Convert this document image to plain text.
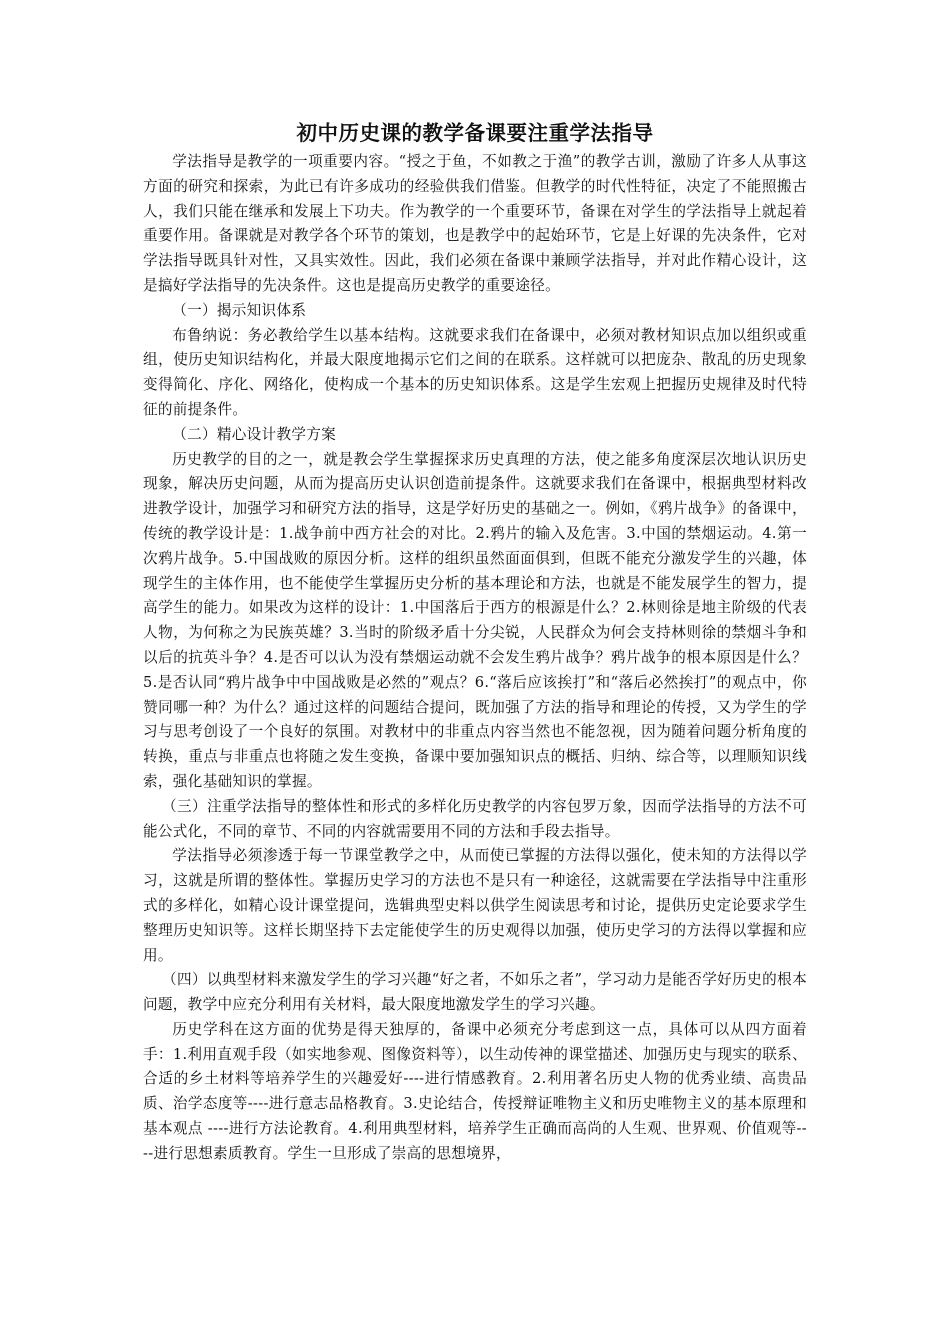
初中历史课的教学备课要注重学法指导

学法指导是教学的一项重要内容。“授之于鱼，不如教之于渔”的教学古训，激励了许多人从事这方面的研究和探索，为此已有许多成功的经验供我们借鉴。但教学的时代性特征，决定了不能照搬古人，我们只能在继承和发展上下功夫。作为教学的一个重要环节，备课在对学生的学法指导上就起着重要作用。备课就是对教学各个环节的策划，也是教学中的起始环节，它是上好课的先决条件，它对学法指导既具针对性，又具实效性。因此，我们必须在备课中兼顾学法指导，并对此作精心设计，这是搞好学法指导的先决条件。这也是提高历史教学的重要途径。

（一）揭示知识体系

布鲁纳说：务必教给学生以基本结构。这就要求我们在备课中，必须对教材知识点加以组织或重组，使历史知识结构化，并最大限度地揭示它们之间的在联系。这样就可以把庞杂、散乱的历史现象变得简化、序化、网络化，使构成一个基本的历史知识体系。这是学生宏观上把握历史规律及时代特征的前提条件。

（二）精心设计教学方案

历史教学的目的之一，就是教会学生掌握探求历史真理的方法，使之能多角度深层次地认识历史现象，解决历史问题，从而为提高历史认识创造前提条件。这就要求我们在备课中，根据典型材料改进教学设计，加强学习和研究方法的指导，这是学好历史的基础之一。例如，《鸦片战争》的备课中，传统的教学设计是：1.战争前中西方社会的对比。2.鸦片的输入及危害。3.中国的禁烟运动。4.第一次鸦片战争。5.中国战败的原因分析。这样的组织虽然面面俱到，但既不能充分激发学生的兴趣，体现学生的主体作用，也不能使学生掌握历史分析的基本理论和方法，也就是不能发展学生的智力，提高学生的能力。如果改为这样的设计：1.中国落后于西方的根源是什么？2.林则徐是地主阶级的代表人物，为何称之为民族英雄？3.当时的阶级矛盾十分尖锐，人民群众为何会支持林则徐的禁烟斗争和以后的抗英斗争？4.是否可以认为没有禁烟运动就不会发生鸦片战争？鸦片战争的根本原因是什么？5.是否认同“鸦片战争中中国战败是必然的”观点？6.“落后应该挨打”和“落后必然挨打”的观点中，你赞同哪一种？为什么？通过这样的问题结合提问，既加强了方法的指导和理论的传授，又为学生的学习与思考创设了一个良好的氛围。对教材中的非重点内容当然也不能忽视，因为随着问题分析角度的转换，重点与非重点也将随之发生变换，备课中要加强知识点的概括、归纳、综合等，以理顺知识线索，强化基础知识的掌握。

（三）注重学法指导的整体性和形式的多样化历史教学的内容包罗万象，因而学法指导的方法不可能公式化，不同的章节、不同的内容就需要用不同的方法和手段去指导。

学法指导必须渗透于每一节课堂教学之中，从而使已掌握的方法得以强化，使未知的方法得以学习，这就是所谓的整体性。掌握历史学习的方法也不是只有一种途径，这就需要在学法指导中注重形式的多样化，如精心设计课堂提问，选辑典型史料以供学生阅读思考和讨论，提供历史定论要求学生整理历史知识等。这样长期坚持下去定能使学生的历史观得以加强，使历史学习的方法得以掌握和应用。

（四）以典型材料来激发学生的学习兴趣“好之者，不如乐之者”，学习动力是能否学好历史的根本问题，教学中应充分利用有关材料，最大限度地激发学生的学习兴趣。

历史学科在这方面的优势是得天独厚的，备课中必须充分考虑到这一点，具体可以从四方面着手：1.利用直观手段（如实地参观、图像资料等），以生动传神的课堂描述、加强历史与现实的联系、合适的乡土材料等培养学生的兴趣爱好----进行情感教育。2.利用著名历史人物的优秀业绩、高贵品质、治学态度等----进行意志品格教育。3.史论结合，传授辩证唯物主义和历史唯物主义的基本原理和基本观点 ----进行方法论教育。4.利用典型材料，培养学生正确而高尚的人生观、世界观、价值观等----进行思想素质教育。学生一旦形成了崇高的思想境界，
